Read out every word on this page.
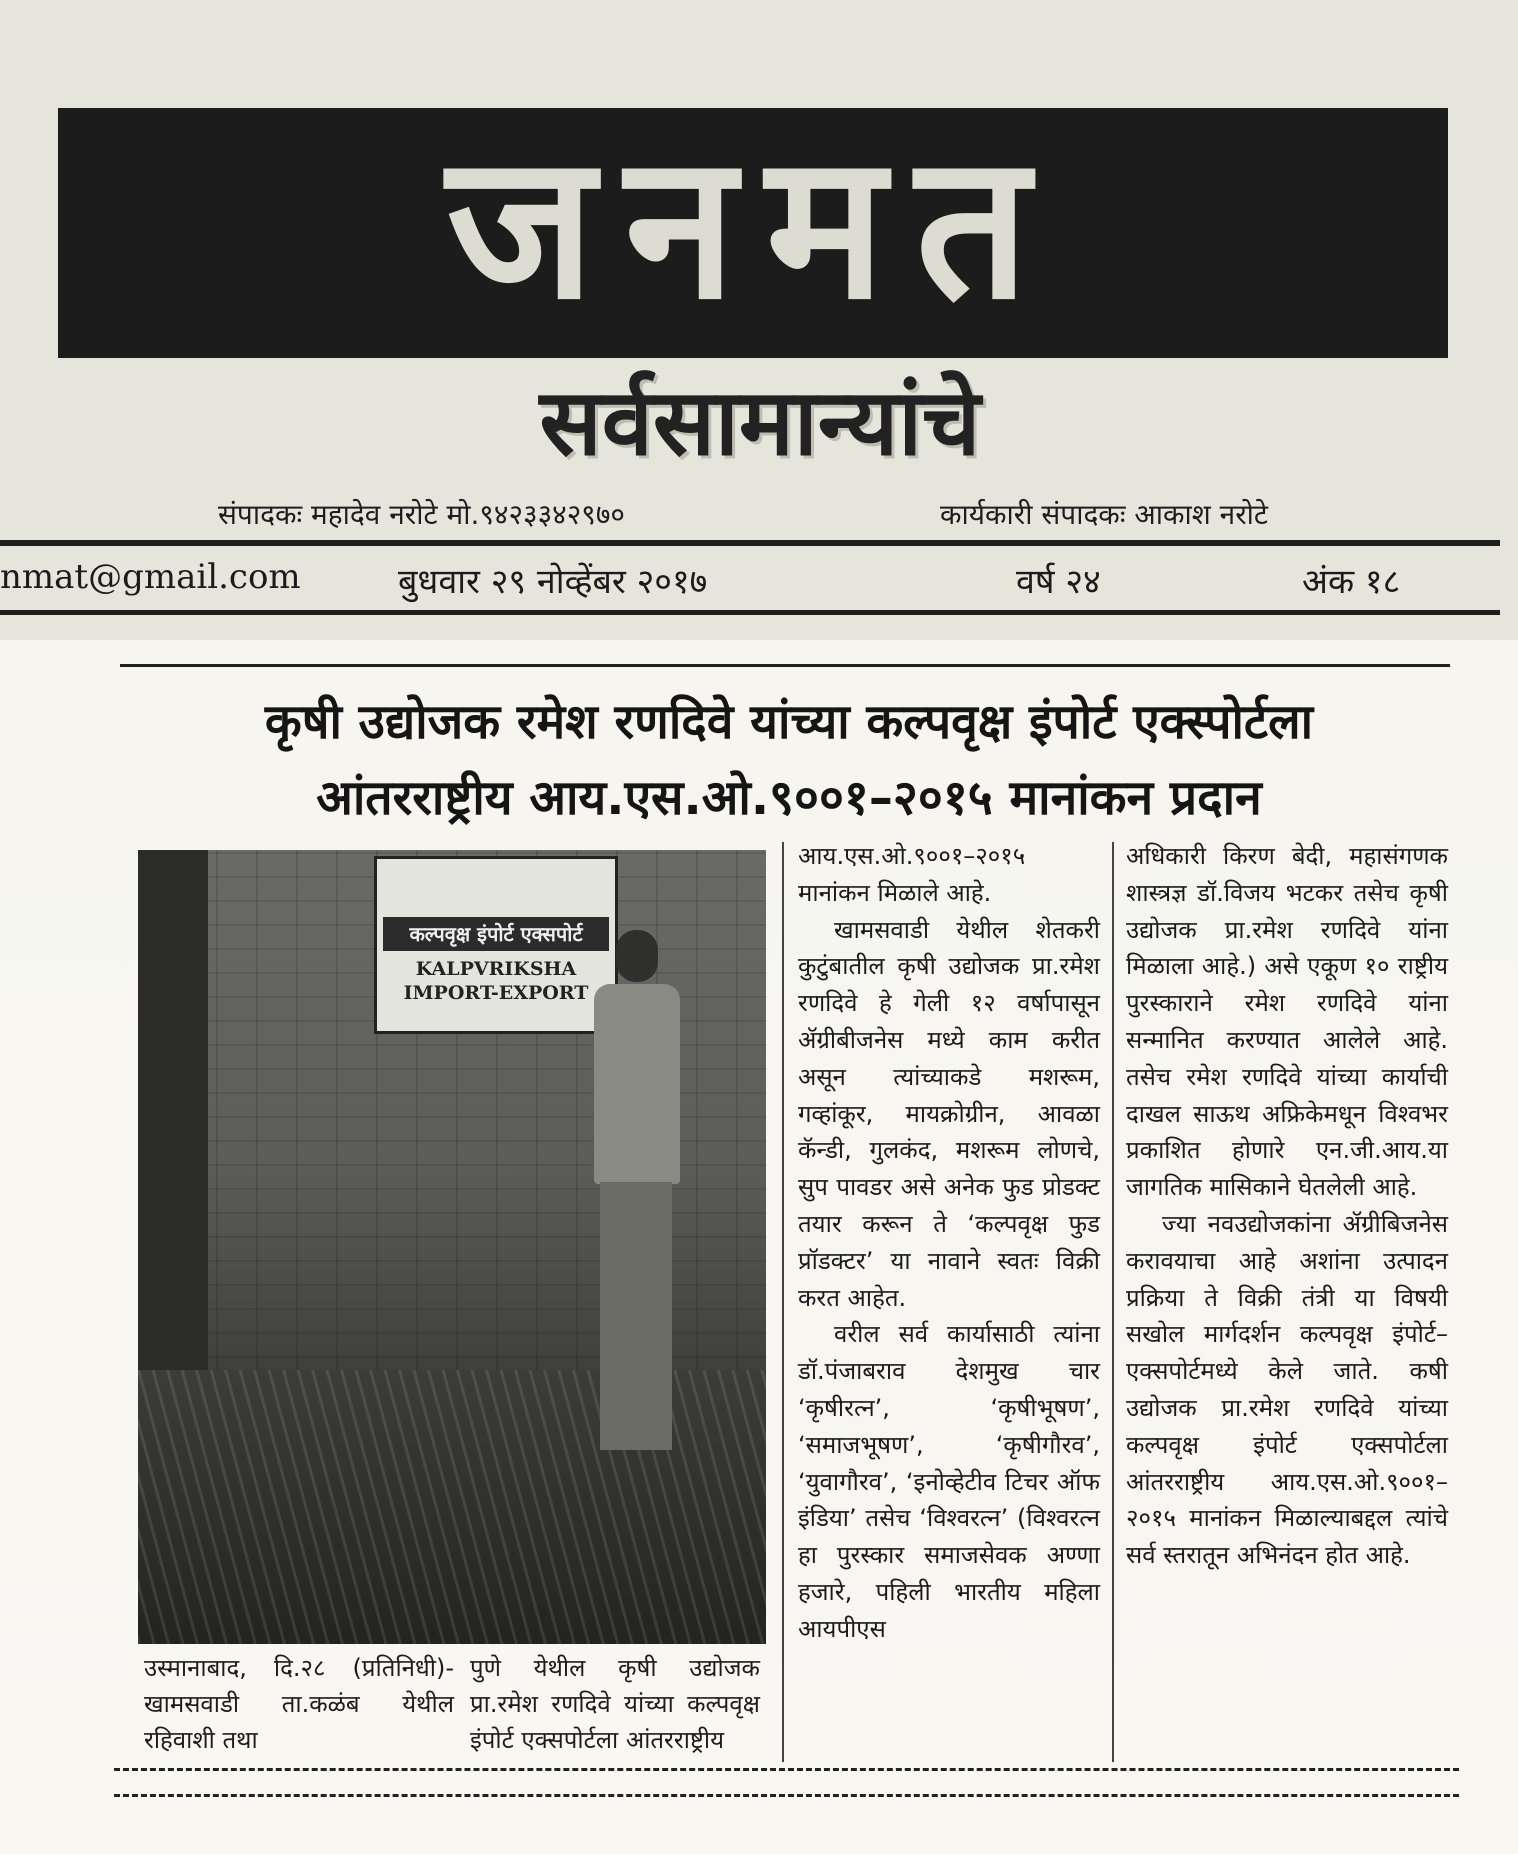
जनमत
सर्वसामान्यांचे
संपादकः महादेव नरोटे मो.९४२३३४२९७०	कार्यकारी संपादकः आकाश नरोटे
nmat@gmail.com	बुधवार २९ नोव्हेंबर २०१७	वर्ष २४	अंक १८
कृषी उद्योजक रमेश रणदिवे यांच्या कल्पवृक्ष इंपोर्ट एक्स्पोर्टला
आंतरराष्ट्रीय आय.एस.ओ.९००१–२०१५ मानांकन प्रदान
कल्पवृक्ष इंपोर्ट एक्सपोर्ट
KALPVRIKSHA IMPORT-EXPORT
उस्मानाबाद, दि.२८ (प्रतिनिधी)- खामसवाडी ता.कळंब येथील रहिवाशी तथा
पुणे येथील कृषी उद्योजक प्रा.रमेश रणदिवे यांच्या कल्पवृक्ष इंपोर्ट एक्सपोर्टला आंतरराष्ट्रीय

आय.एस.ओ.९००१–२०१५ मानांकन मिळाले आहे.

खामसवाडी येथील शेतकरी कुटुंबातील कृषी उद्योजक प्रा.रमेश रणदिवे हे गेली १२ वर्षापासून ॲग्रीबीजनेस मध्ये काम करीत असून त्यांच्याकडे मशरूम, गव्हांकूर, मायक्रोग्रीन, आवळा कॅन्डी, गुलकंद, मशरूम लोणचे, सुप पावडर असे अनेक फुड प्रोडक्ट तयार करून ते ‘कल्पवृक्ष फुड प्रॉडक्टर’ या नावाने स्वतः विक्री करत आहेत.

वरील सर्व कार्यासाठी त्यांना डॉ.पंजाबराव देशमुख चार ‘कृषीरत्न’, ‘कृषीभूषण’, ‘समाजभूषण’, ‘कृषीगौरव’, ‘युवागौरव’, ‘इनोव्हेटीव टिचर ऑफ इंडिया’ तसेच ‘विश्वरत्न’ (विश्वरत्न हा पुरस्कार समाजसेवक अण्णा हजारे, पहिली भारतीय महिला आयपीएस

अधिकारी किरण बेदी, महासंगणक शास्त्रज्ञ डॉ.विजय भटकर तसेच कृषी उद्योजक प्रा.रमेश रणदिवे यांना मिळाला आहे.) असे एकूण १० राष्ट्रीय पुरस्काराने रमेश रणदिवे यांना सन्मानित करण्यात आलेले आहे. तसेच रमेश रणदिवे यांच्या कार्याची दाखल साऊथ अफ्रिकेमधून विश्वभर प्रकाशित होणारे एन.जी.आय.या जागतिक मासिकाने घेतलेली आहे.

ज्या नवउद्योजकांना ॲग्रीबिजनेस करावयाचा आहे अशांना उत्पादन प्रक्रिया ते विक्री तंत्री या विषयी सखोल मार्गदर्शन कल्पवृक्ष इंपोर्ट–एक्सपोर्टमध्ये केले जाते. कषी उद्योजक प्रा.रमेश रणदिवे यांच्या कल्पवृक्ष इंपोर्ट एक्सपोर्टला आंतरराष्ट्रीय आय.एस.ओ.९००१–२०१५ मानांकन मिळाल्याबद्दल त्यांचे सर्व स्तरातून अभिनंदन होत आहे.
